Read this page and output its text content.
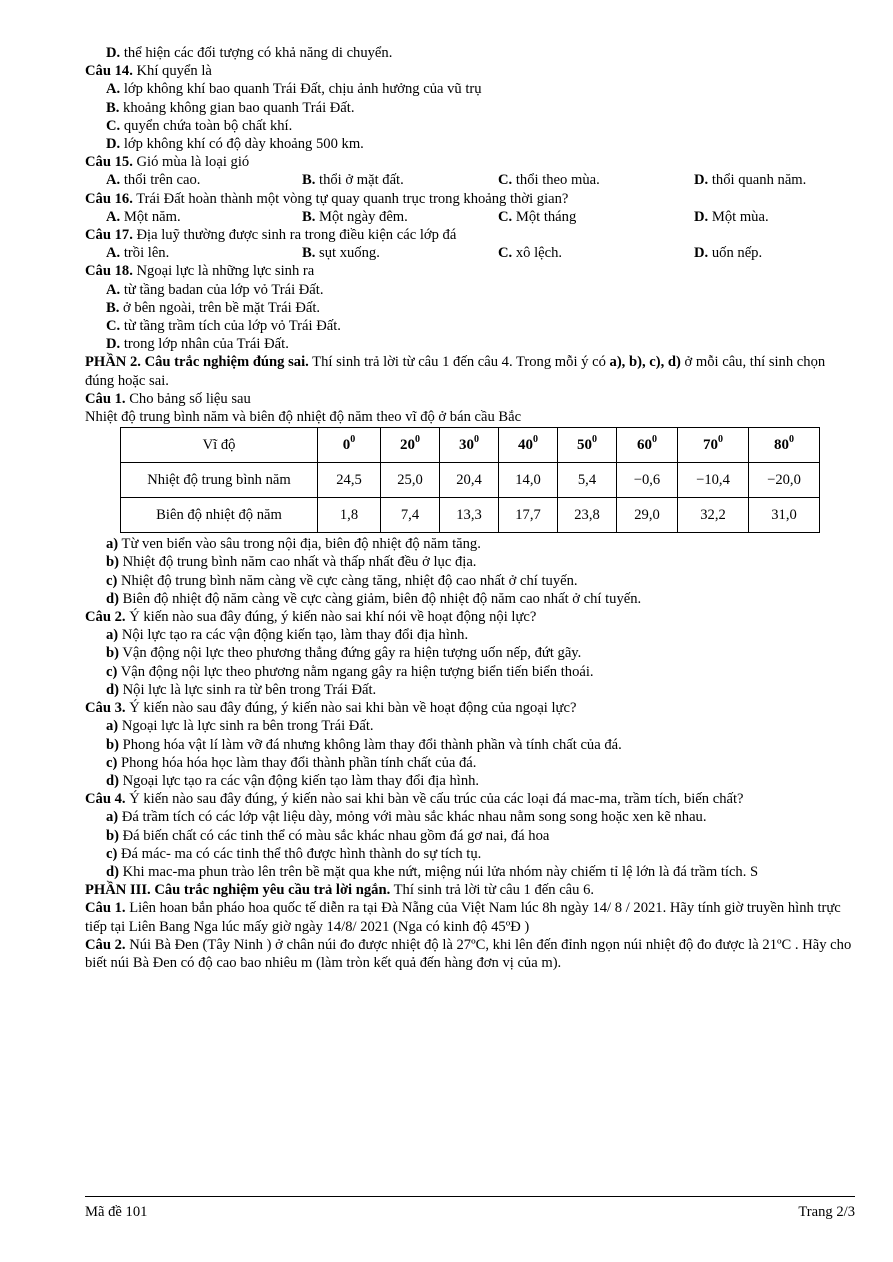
D. thể hiện các đối tượng có khả năng di chuyển.
Câu 14. Khí quyển là
A. lớp không khí bao quanh Trái Đất, chịu ảnh hưởng của vũ trụ
B. khoảng không gian bao quanh Trái Đất.
C. quyển chứa toàn bộ chất khí.
D. lớp không khí có độ dày khoảng 500 km.
Câu 15. Gió mùa là loại gió
A. thổi trên cao.	B. thổi ở mặt đất.	C. thổi theo mùa.	D. thổi quanh năm.
Câu 16. Trái Đất hoàn thành một vòng tự quay quanh trục trong khoảng thời gian?
A. Một năm.	B. Một ngày đêm.	C. Một tháng	D. Một mùa.
Câu 17. Địa luỹ thường được sinh ra trong điều kiện các lớp đá
A. trồi lên.	B. sụt xuống.	C. xô lệch.	D. uốn nếp.
Câu 18. Ngoại lực là những lực sinh ra
A. từ tầng badan của lớp vỏ Trái Đất.
B. ở bên ngoài, trên bề mặt Trái Đất.
C. từ tầng trầm tích của lớp vỏ Trái Đất.
D. trong lớp nhân của Trái Đất.
PHẦN 2. Câu trắc nghiệm đúng sai. Thí sinh trả lời từ câu 1 đến câu 4. Trong mỗi ý có a), b), c), d) ở mỗi câu, thí sinh chọn đúng hoặc sai.
Câu 1. Cho bảng số liệu sau
Nhiệt độ trung bình năm và biên độ nhiệt độ năm theo vĩ độ ở bán cầu Bắc
Vĩ độ	$0^0$	$20^0$	$30^0$	$40^0$	$50^0$	$60^0$	$70^0$	$80^0$
Nhiệt độ trung bình năm	24,5	25,0	20,4	14,0	5,4	−0,6	−10,4	−20,0
Biên độ nhiệt độ năm	1,8	7,4	13,3	17,7	23,8	29,0	32,2	31,0
a) Từ ven biển vào sâu trong nội địa, biên độ nhiệt độ năm tăng.
b) Nhiệt độ trung bình năm cao nhất và thấp nhất đều ở lục địa.
c) Nhiệt độ trung bình năm càng về cực càng tăng, nhiệt độ cao nhất ở chí tuyến.
d) Biên độ nhiệt độ năm càng về cực càng giảm, biên độ nhiệt độ năm cao nhất ở chí tuyến.
Câu 2. Ý kiến nào sua đây đúng, ý kiến nào sai khí nói về hoạt động nội lực?
a) Nội lực tạo ra các vận động kiến tạo, làm thay đổi địa hình.
b) Vận động nội lực theo phương thẳng đứng gây ra hiện tượng uốn nếp, đứt gãy.
c) Vận động nội lực theo phương nằm ngang gây ra hiện tượng biển tiến biển thoái.
d) Nội lực là lực sinh ra từ bên trong Trái Đất.
Câu 3. Ý kiến nào sau đây đúng, ý kiến nào sai khi bàn về hoạt động của ngoại lực?
a) Ngoại lực là lực sinh ra bên trong Trái Đất.
b) Phong hóa vật lí làm vỡ đá nhưng không làm thay đổi thành phần và tính chất của đá.
c) Phong hóa hóa học làm thay đổi thành phần tính chất của đá.
d) Ngoại lực tạo ra các vận động kiến tạo làm thay đổi địa hình.
Câu 4. Ý kiến nào sau đây đúng, ý kiến nào sai khi bàn về cấu trúc của các loại đá mac-ma, trầm tích, biến chất?
a) Đá trầm tích có các lớp vật liệu dày, mỏng với màu sắc khác nhau nằm song song hoặc xen kẽ nhau.
b) Đá biến chất có các tinh thể có màu sắc khác nhau gồm đá gơ nai, đá hoa
c) Đá mác- ma có các tinh thể thô được hình thành do sự tích tụ.
d) Khi mac-ma phun trào lên trên bề mặt qua khe nứt, miệng núi lửa nhóm này chiếm tỉ lệ lớn là đá trầm tích. S
PHẦN III. Câu trắc nghiệm yêu cầu trả lời ngắn. Thí sinh trả lời từ câu 1 đến câu 6.
Câu 1. Liên hoan bắn pháo hoa quốc tế diễn ra tại Đà Nẵng của Việt Nam lúc 8h ngày 14/ 8 / 2021. Hãy tính giờ truyền hình trực tiếp tại Liên Bang Nga lúc mấy giờ ngày 14/8/ 2021 (Nga có kinh độ 45ºĐ )
Câu 2. Núi Bà Đen (Tây Ninh ) ở chân núi đo được nhiệt độ là 27ºC, khi lên đến đỉnh ngọn núi nhiệt độ đo được là 21ºC . Hãy cho biết núi Bà Đen có độ cao bao nhiêu m (làm tròn kết quả đến hàng đơn vị của m).
Mã đề 101	Trang 2/3
